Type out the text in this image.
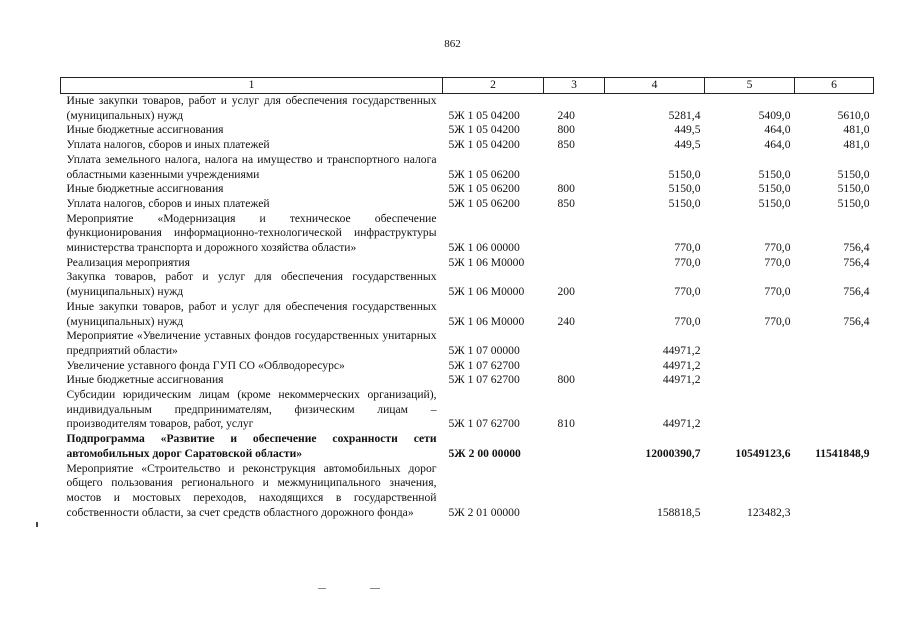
862
1	2	3	4	5	6
Иные закупки товаров, работ и услуг для обеспечения государственных (муниципальных) нужд	5Ж 1 05 04200	240	5281,4	5409,0	5610,0
Иные бюджетные ассигнования	5Ж 1 05 04200	800	449,5	464,0	481,0
Уплата налогов, сборов и иных платежей	5Ж 1 05 04200	850	449,5	464,0	481,0
Уплата земельного налога, налога на имущество и транспортного налога областными казенными учреждениями	5Ж 1 05 06200		5150,0	5150,0	5150,0
Иные бюджетные ассигнования	5Ж 1 05 06200	800	5150,0	5150,0	5150,0
Уплата налогов, сборов и иных платежей	5Ж 1 05 06200	850	5150,0	5150,0	5150,0
Мероприятие «Модернизация и техническое обеспечение функционирования информационно-технологической инфраструктуры министерства транспорта и дорожного хозяйства области»	5Ж 1 06 00000		770,0	770,0	756,4
Реализация мероприятия	5Ж 1 06 М0000		770,0	770,0	756,4
Закупка товаров, работ и услуг для обеспечения государственных (муниципальных) нужд	5Ж 1 06 М0000	200	770,0	770,0	756,4
Иные закупки товаров, работ и услуг для обеспечения государственных (муниципальных) нужд	5Ж 1 06 М0000	240	770,0	770,0	756,4
Мероприятие «Увеличение уставных фондов государственных унитарных предприятий области»	5Ж 1 07 00000		44971,2		
Увеличение уставного фонда ГУП СО «Облводоресурс»	5Ж 1 07 62700		44971,2		
Иные бюджетные ассигнования	5Ж 1 07 62700	800	44971,2		
Субсидии юридическим лицам (кроме некоммерческих организаций), индивидуальным предпринимателям, физическим лицам – производителям товаров, работ, услуг	5Ж 1 07 62700	810	44971,2		
Подпрограмма «Развитие и обеспечение сохранности сети автомобильных дорог Саратовской области»	5Ж 2 00 00000		12000390,7	10549123,6	11541848,9
Мероприятие «Строительство и реконструкция автомобильных дорог общего пользования регионального и межмуниципального значения, мостов и мостовых переходов, находящихся в государственной собственности области, за счет средств областного дорожного фонда»	5Ж 2 01 00000		158818,5	123482,3	
